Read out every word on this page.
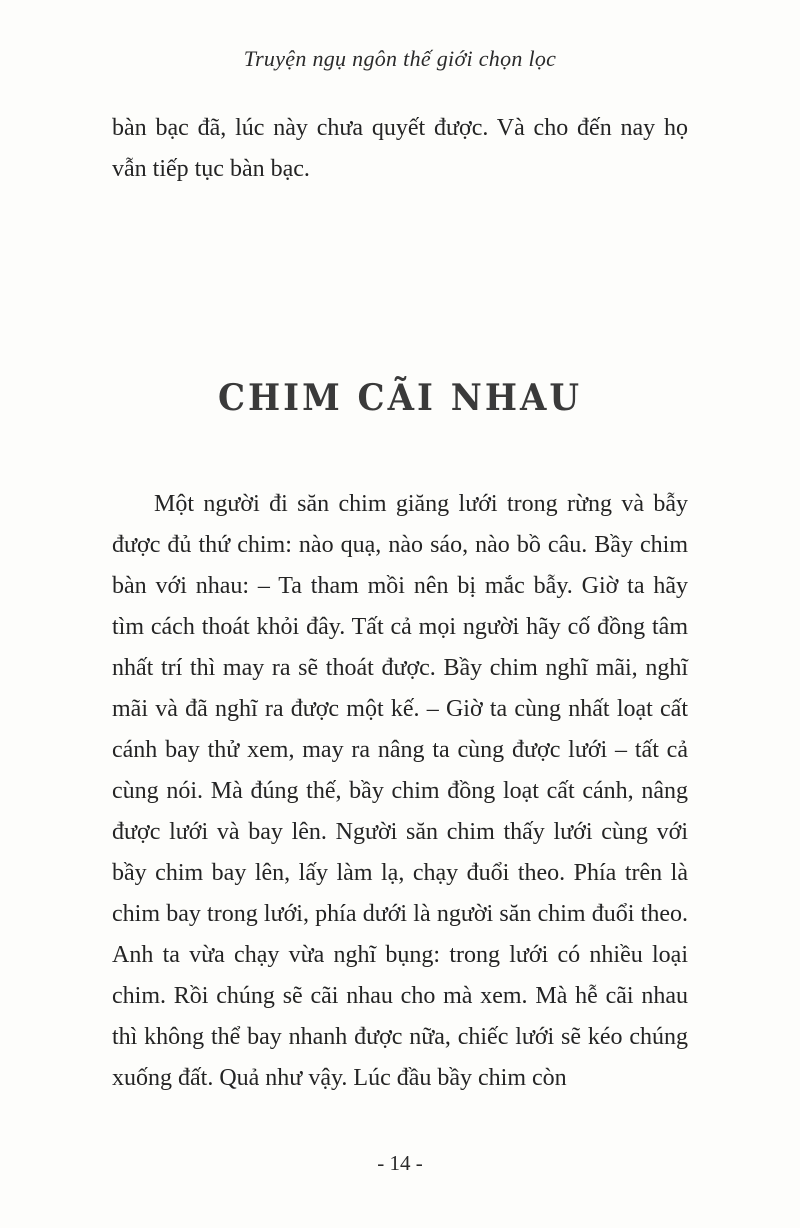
Truyện ngụ ngôn thế giới chọn lọc

bàn bạc đã, lúc này chưa quyết được. Và cho đến nay họ vẫn tiếp tục bàn bạc.

CHIM CÃI NHAU

Một người đi săn chim giăng lưới trong rừng và bẫy được đủ thứ chim: nào quạ, nào sáo, nào bồ câu. Bầy chim bàn với nhau: – Ta tham mồi nên bị mắc bẫy. Giờ ta hãy tìm cách thoát khỏi đây. Tất cả mọi người hãy cố đồng tâm nhất trí thì may ra sẽ thoát được. Bầy chim nghĩ mãi, nghĩ mãi và đã nghĩ ra được một kế. – Giờ ta cùng nhất loạt cất cánh bay thử xem, may ra nâng ta cùng được lưới – tất cả cùng nói. Mà đúng thế, bầy chim đồng loạt cất cánh, nâng được lưới và bay lên. Người săn chim thấy lưới cùng với bầy chim bay lên, lấy làm lạ, chạy đuổi theo. Phía trên là chim bay trong lưới, phía dưới là người săn chim đuổi theo. Anh ta vừa chạy vừa nghĩ bụng: trong lưới có nhiều loại chim. Rồi chúng sẽ cãi nhau cho mà xem. Mà hễ cãi nhau thì không thể bay nhanh được nữa, chiếc lưới sẽ kéo chúng xuống đất. Quả như vậy. Lúc đầu bầy chim còn

- 14 -
